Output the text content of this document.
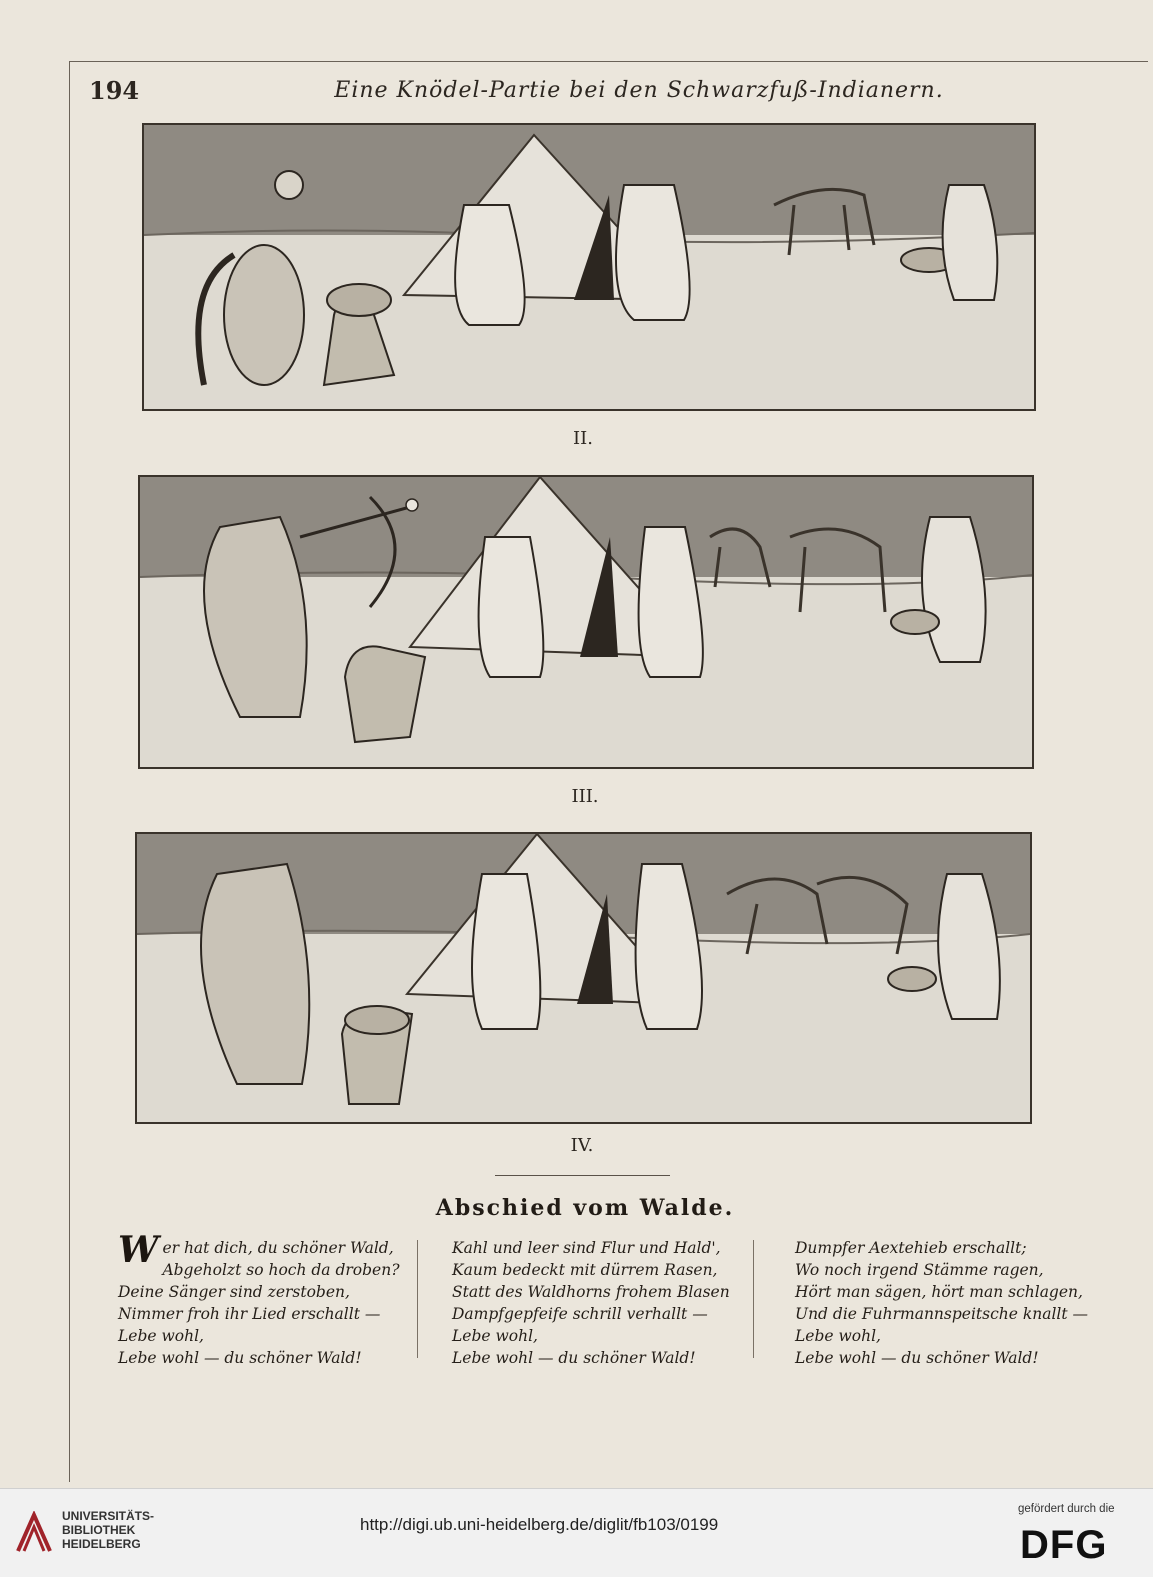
194	Eine Knödel-Partie bei den Schwarzfuß-Indianern.
II.
III.
IV.
Abschied vom Walde.
W er hat dich, du schöner Wald,
Abgeholzt so hoch da droben?
Deine Sänger sind zerstoben,
Nimmer froh ihr Lied erschallt —
Lebe wohl,
Lebe wohl — du schöner Wald!
Kahl und leer sind Flur und Hald',
Kaum bedeckt mit dürrem Rasen,
Statt des Waldhorns frohem Blasen
Dampfgepfeife schrill verhallt —
Lebe wohl,
Lebe wohl — du schöner Wald!
Dumpfer Aextehieb erschallt;
Wo noch irgend Stämme ragen,
Hört man sägen, hört man schlagen,
Und die Fuhrmannspeitsche knallt —
Lebe wohl,
Lebe wohl — du schöner Wald!
UNIVERSITÄTS-
BIBLIOTHEK
HEIDELBERG
http://digi.ub.uni-heidelberg.de/diglit/fb103/0199
gefördert durch die
DFG
